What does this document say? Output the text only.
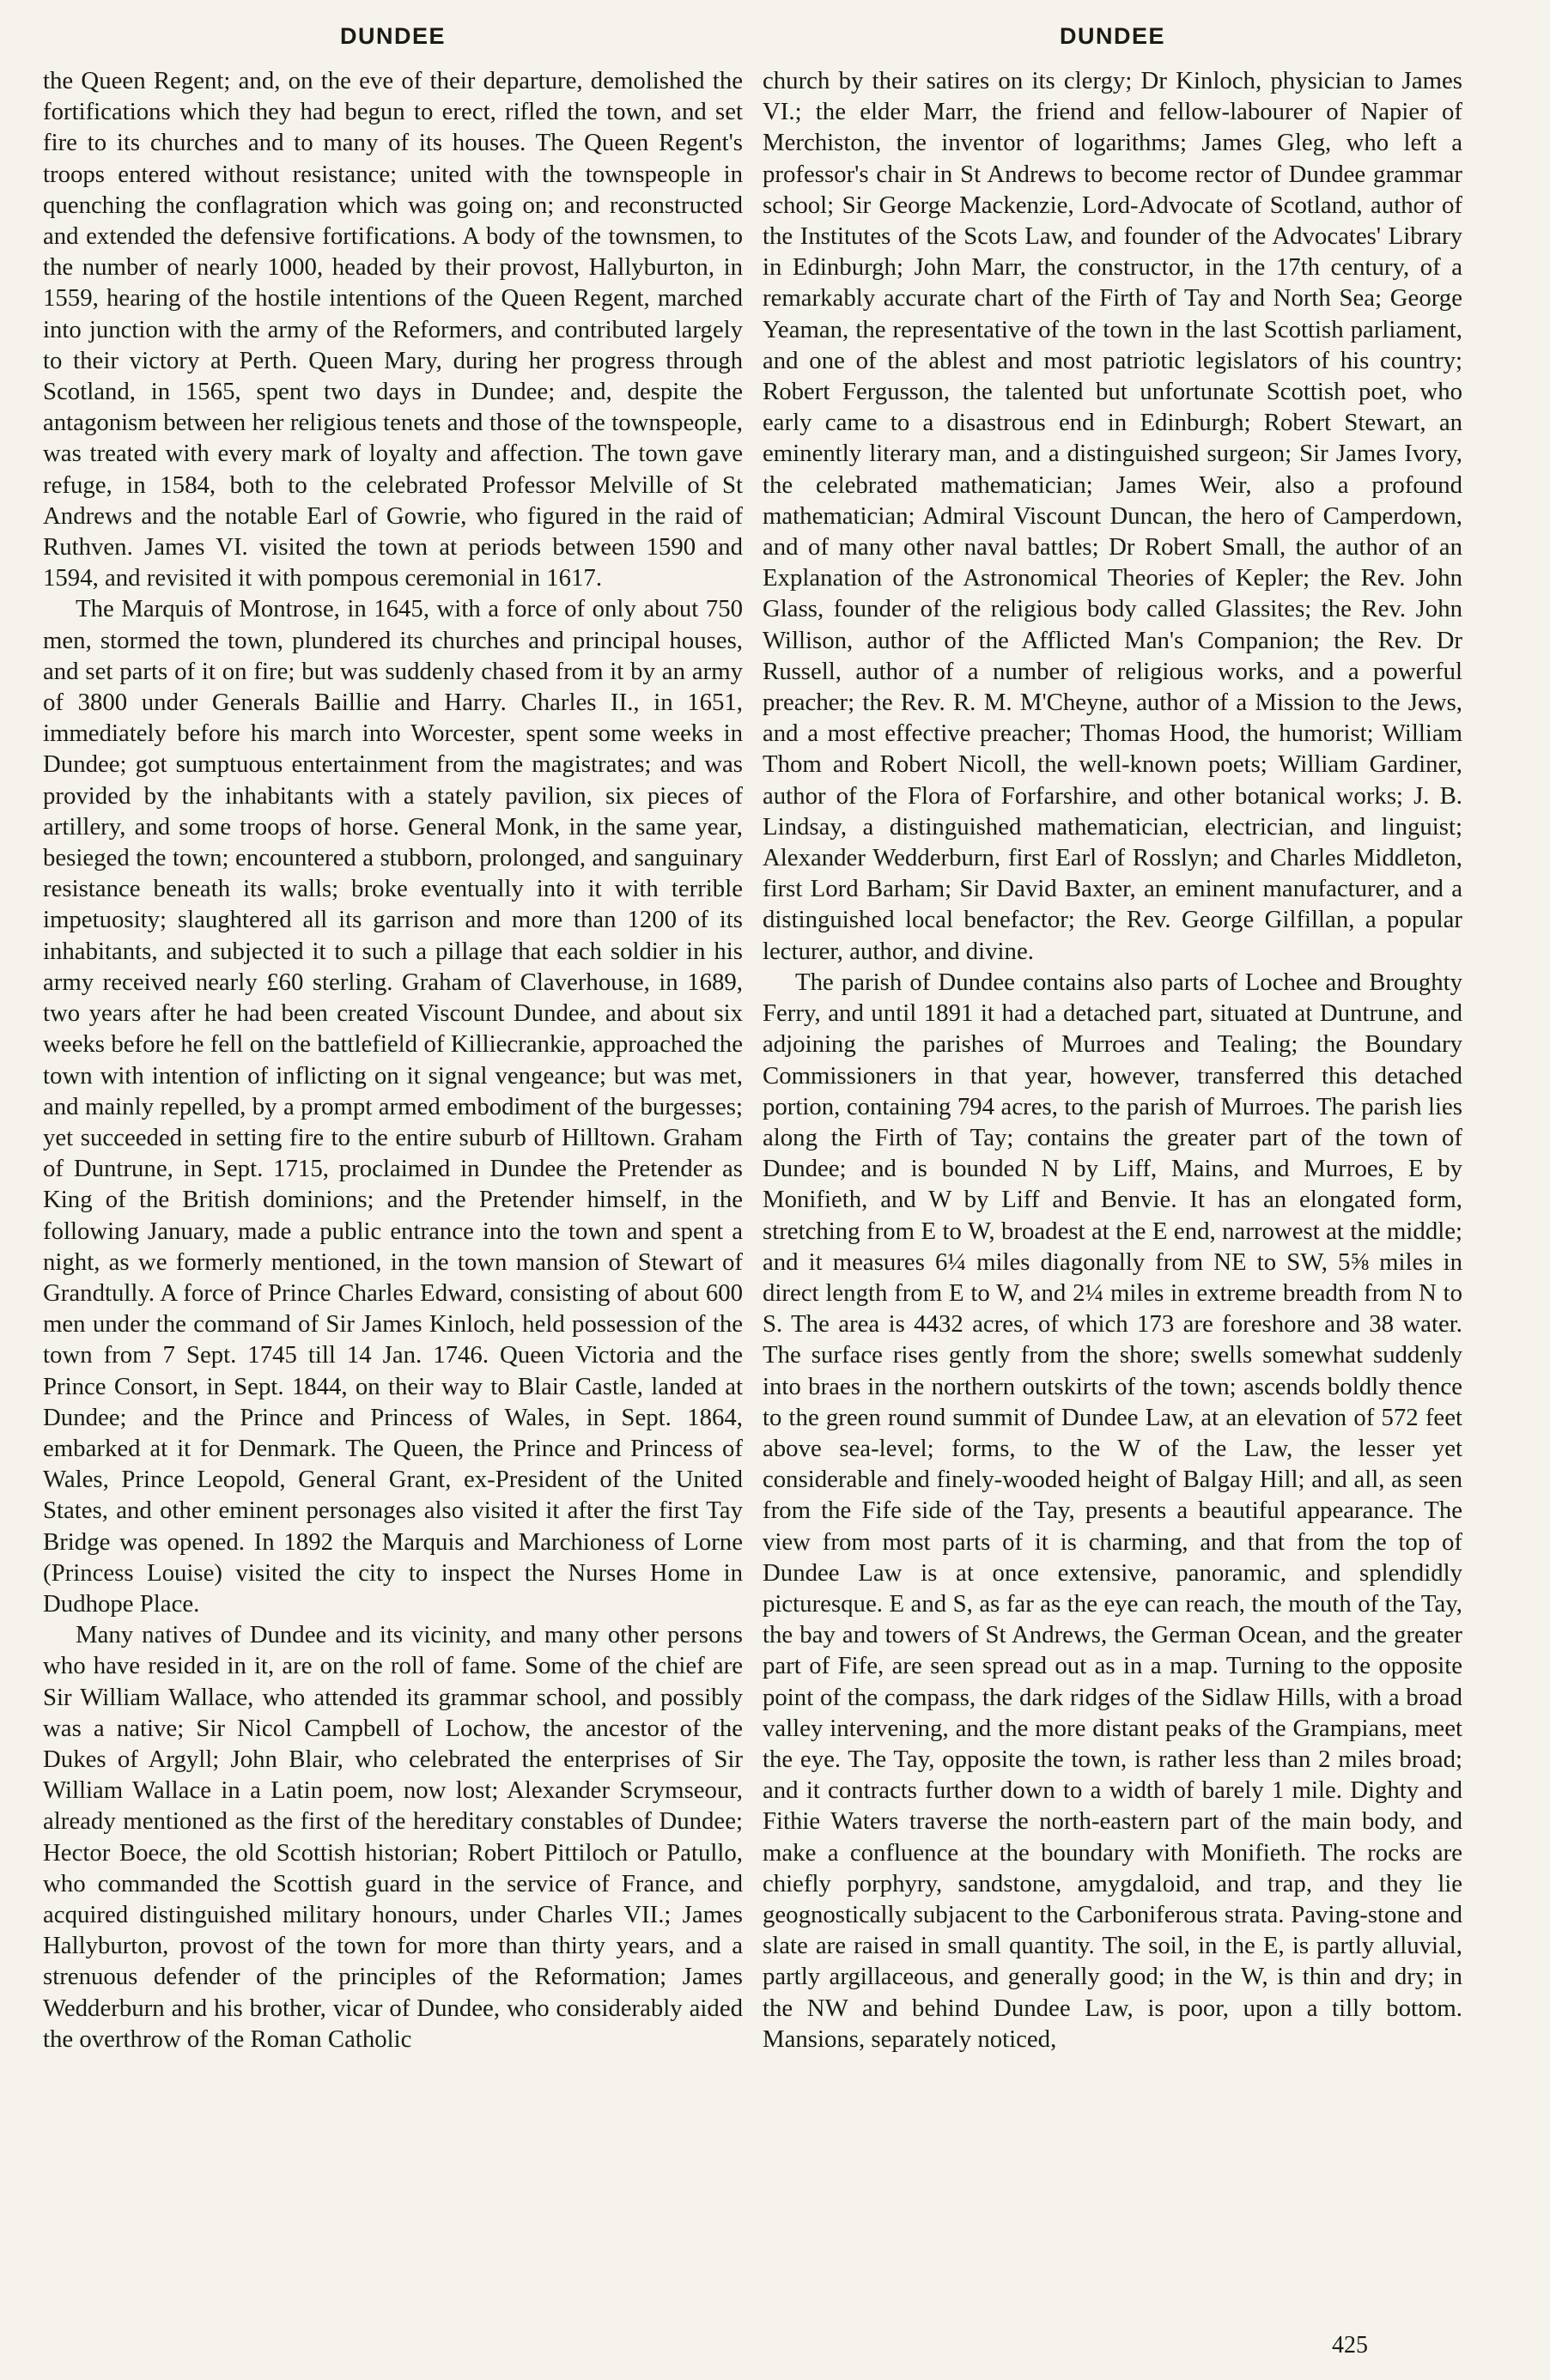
DUNDEE

the Queen Regent; and, on the eve of their departure, demolished the fortifications which they had begun to erect, rifled the town, and set fire to its churches and to many of its houses. The Queen Regent's troops entered without resistance; united with the townspeople in quenching the conflagration which was going on; and reconstructed and extended the defensive fortifications. A body of the townsmen, to the number of nearly 1000, headed by their provost, Hallyburton, in 1559, hearing of the hostile intentions of the Queen Regent, marched into junction with the army of the Reformers, and contributed largely to their victory at Perth. Queen Mary, during her progress through Scotland, in 1565, spent two days in Dundee; and, despite the antagonism between her religious tenets and those of the townspeople, was treated with every mark of loyalty and affection. The town gave refuge, in 1584, both to the celebrated Professor Melville of St Andrews and the notable Earl of Gowrie, who figured in the raid of Ruthven. James VI. visited the town at periods between 1590 and 1594, and revisited it with pompous ceremonial in 1617.

The Marquis of Montrose, in 1645, with a force of only about 750 men, stormed the town, plundered its churches and principal houses, and set parts of it on fire; but was suddenly chased from it by an army of 3800 under Generals Baillie and Harry. Charles II., in 1651, immediately before his march into Worcester, spent some weeks in Dundee; got sumptuous entertainment from the magistrates; and was provided by the inhabitants with a stately pavilion, six pieces of artillery, and some troops of horse. General Monk, in the same year, besieged the town; encountered a stubborn, prolonged, and sanguinary resistance beneath its walls; broke eventually into it with terrible impetuosity; slaughtered all its garrison and more than 1200 of its inhabitants, and subjected it to such a pillage that each soldier in his army received nearly £60 sterling. Graham of Claverhouse, in 1689, two years after he had been created Viscount Dundee, and about six weeks before he fell on the battlefield of Killiecrankie, approached the town with intention of inflicting on it signal vengeance; but was met, and mainly repelled, by a prompt armed embodiment of the burgesses; yet succeeded in setting fire to the entire suburb of Hilltown. Graham of Duntrune, in Sept. 1715, proclaimed in Dundee the Pretender as King of the British dominions; and the Pretender himself, in the following January, made a public entrance into the town and spent a night, as we formerly mentioned, in the town mansion of Stewart of Grandtully. A force of Prince Charles Edward, consisting of about 600 men under the command of Sir James Kinloch, held possession of the town from 7 Sept. 1745 till 14 Jan. 1746. Queen Victoria and the Prince Consort, in Sept. 1844, on their way to Blair Castle, landed at Dundee; and the Prince and Princess of Wales, in Sept. 1864, embarked at it for Denmark. The Queen, the Prince and Princess of Wales, Prince Leopold, General Grant, ex-President of the United States, and other eminent personages also visited it after the first Tay Bridge was opened. In 1892 the Marquis and Marchioness of Lorne (Princess Louise) visited the city to inspect the Nurses Home in Dudhope Place.

Many natives of Dundee and its vicinity, and many other persons who have resided in it, are on the roll of fame. Some of the chief are Sir William Wallace, who attended its grammar school, and possibly was a native; Sir Nicol Campbell of Lochow, the ancestor of the Dukes of Argyll; John Blair, who celebrated the enterprises of Sir William Wallace in a Latin poem, now lost; Alexander Scrymseour, already mentioned as the first of the hereditary constables of Dundee; Hector Boece, the old Scottish historian; Robert Pittiloch or Patullo, who commanded the Scottish guard in the service of France, and acquired distinguished military honours, under Charles VII.; James Hallyburton, provost of the town for more than thirty years, and a strenuous defender of the principles of the Reformation; James Wedderburn and his brother, vicar of Dundee, who considerably aided the overthrow of the Roman Catholic

DUNDEE

church by their satires on its clergy; Dr Kinloch, physician to James VI.; the elder Marr, the friend and fellow-labourer of Napier of Merchiston, the inventor of logarithms; James Gleg, who left a professor's chair in St Andrews to become rector of Dundee grammar school; Sir George Mackenzie, Lord-Advocate of Scotland, author of the Institutes of the Scots Law, and founder of the Advocates' Library in Edinburgh; John Marr, the constructor, in the 17th century, of a remarkably accurate chart of the Firth of Tay and North Sea; George Yeaman, the representative of the town in the last Scottish parliament, and one of the ablest and most patriotic legislators of his country; Robert Fergusson, the talented but unfortunate Scottish poet, who early came to a disastrous end in Edinburgh; Robert Stewart, an eminently literary man, and a distinguished surgeon; Sir James Ivory, the celebrated mathematician; James Weir, also a profound mathematician; Admiral Viscount Duncan, the hero of Camperdown, and of many other naval battles; Dr Robert Small, the author of an Explanation of the Astronomical Theories of Kepler; the Rev. John Glass, founder of the religious body called Glassites; the Rev. John Willison, author of the Afflicted Man's Companion; the Rev. Dr Russell, author of a number of religious works, and a powerful preacher; the Rev. R. M. M'Cheyne, author of a Mission to the Jews, and a most effective preacher; Thomas Hood, the humorist; William Thom and Robert Nicoll, the well-known poets; William Gardiner, author of the Flora of Forfarshire, and other botanical works; J. B. Lindsay, a distinguished mathematician, electrician, and linguist; Alexander Wedderburn, first Earl of Rosslyn; and Charles Middleton, first Lord Barham; Sir David Baxter, an eminent manufacturer, and a distinguished local benefactor; the Rev. George Gilfillan, a popular lecturer, author, and divine.

The parish of Dundee contains also parts of Lochee and Broughty Ferry, and until 1891 it had a detached part, situated at Duntrune, and adjoining the parishes of Murroes and Tealing; the Boundary Commissioners in that year, however, transferred this detached portion, containing 794 acres, to the parish of Murroes. The parish lies along the Firth of Tay; contains the greater part of the town of Dundee; and is bounded N by Liff, Mains, and Murroes, E by Monifieth, and W by Liff and Benvie. It has an elongated form, stretching from E to W, broadest at the E end, narrowest at the middle; and it measures 6¼ miles diagonally from NE to SW, 5⅝ miles in direct length from E to W, and 2¼ miles in extreme breadth from N to S. The area is 4432 acres, of which 173 are foreshore and 38 water. The surface rises gently from the shore; swells somewhat suddenly into braes in the northern outskirts of the town; ascends boldly thence to the green round summit of Dundee Law, at an elevation of 572 feet above sea-level; forms, to the W of the Law, the lesser yet considerable and finely-wooded height of Balgay Hill; and all, as seen from the Fife side of the Tay, presents a beautiful appearance. The view from most parts of it is charming, and that from the top of Dundee Law is at once extensive, panoramic, and splendidly picturesque. E and S, as far as the eye can reach, the mouth of the Tay, the bay and towers of St Andrews, the German Ocean, and the greater part of Fife, are seen spread out as in a map. Turning to the opposite point of the compass, the dark ridges of the Sidlaw Hills, with a broad valley intervening, and the more distant peaks of the Grampians, meet the eye. The Tay, opposite the town, is rather less than 2 miles broad; and it contracts further down to a width of barely 1 mile. Dighty and Fithie Waters traverse the north-eastern part of the main body, and make a confluence at the boundary with Monifieth. The rocks are chiefly porphyry, sandstone, amygdaloid, and trap, and they lie geognostically subjacent to the Carboniferous strata. Paving-stone and slate are raised in small quantity. The soil, in the E, is partly alluvial, partly argillaceous, and generally good; in the W, is thin and dry; in the NW and behind Dundee Law, is poor, upon a tilly bottom. Mansions, separately noticed,

425
